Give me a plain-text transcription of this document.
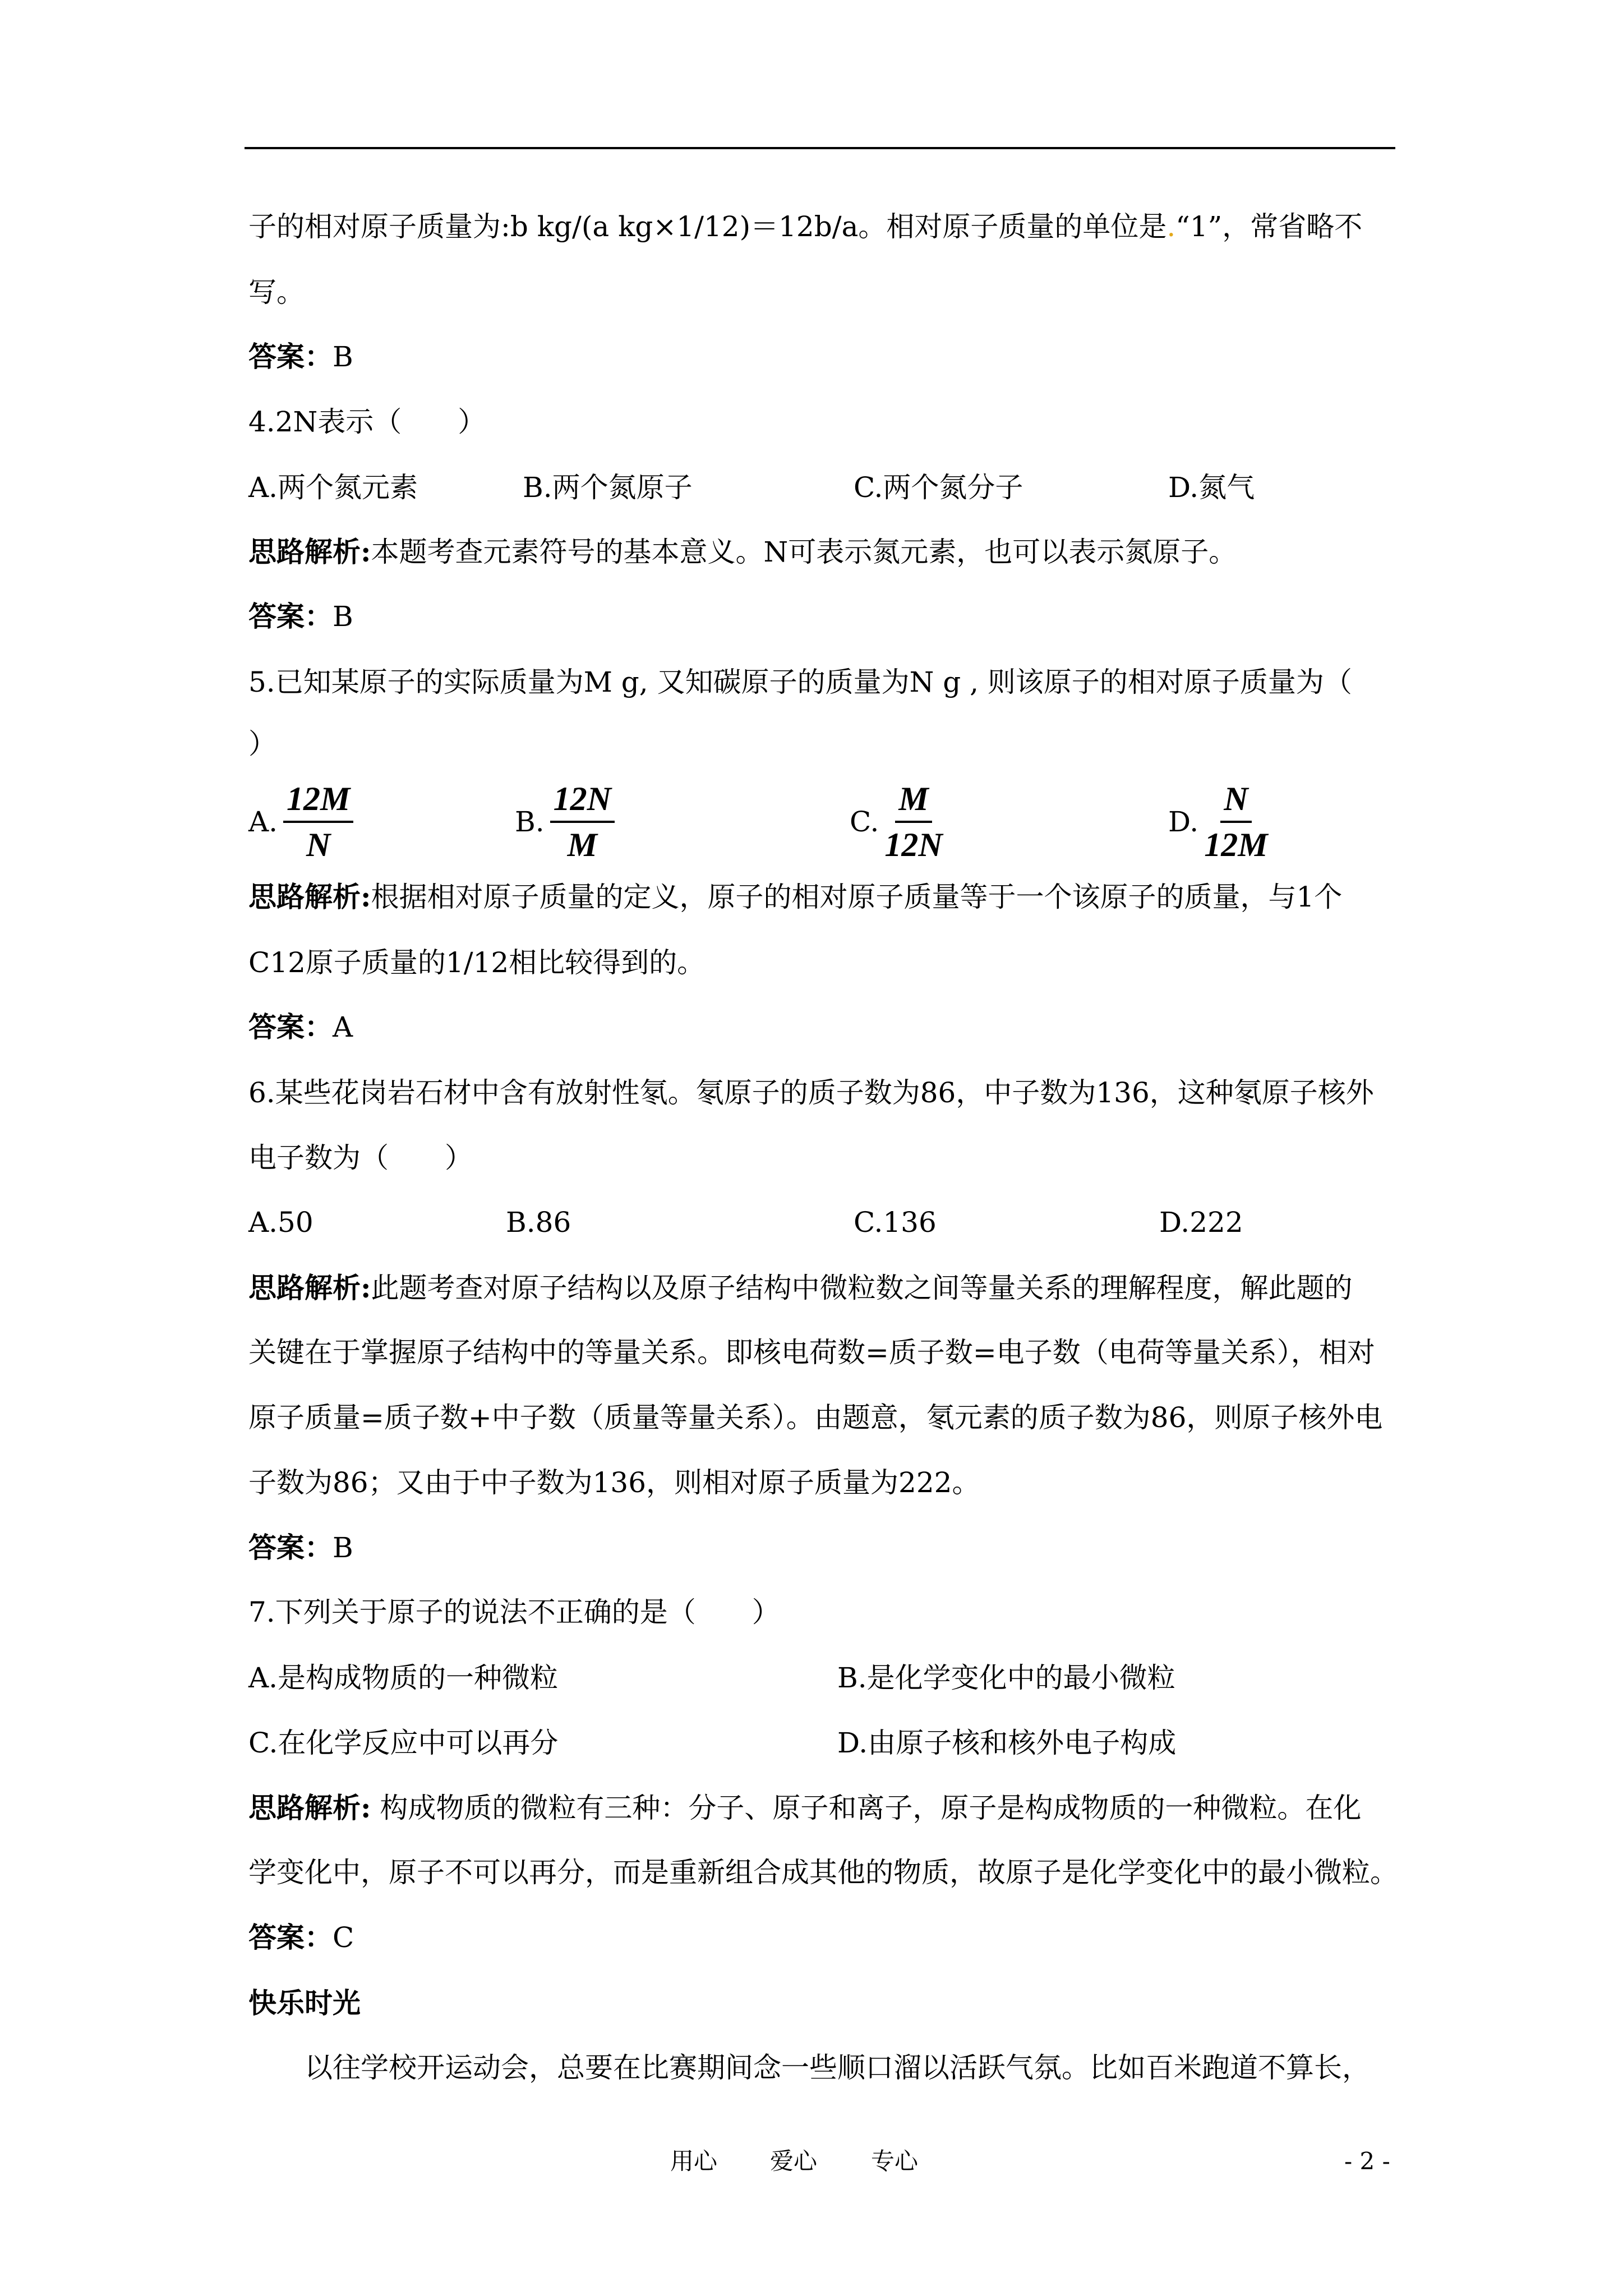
子的相对原子质量为:b kg/(a kg×1/12)＝12b/a。相对原子质量的单位是.“1”，常省略不
写。
答案：B
4.2N表示（　　）
A.两个氮元素	B.两个氮原子	C.两个氮分子	D.氮气
思路解析:本题考查元素符号的基本意义。N可表示氮元素，也可以表示氮原子。
答案：B
5.已知某原子的实际质量为M g, 又知碳原子的质量为N g , 则该原子的相对原子质量为（
）
A. $\frac{12M}{N}$	B. $\frac{12N}{M}$	C. $\frac{M}{12N}$	D. $\frac{N}{12M}$
思路解析:根据相对原子质量的定义，原子的相对原子质量等于一个该原子的质量，与1个
C12原子质量的1/12相比较得到的。
答案：A
6.某些花岗岩石材中含有放射性氡。氡原子的质子数为86，中子数为136，这种氡原子核外
电子数为（　　）
A.50	B.86	C.136	D.222
思路解析:此题考查对原子结构以及原子结构中微粒数之间等量关系的理解程度，解此题的
关键在于掌握原子结构中的等量关系。即核电荷数=质子数=电子数（电荷等量关系），相对
原子质量=质子数+中子数（质量等量关系）。由题意，氡元素的质子数为86，则原子核外电
子数为86；又由于中子数为136，则相对原子质量为222。
答案：B
7.下列关于原子的说法不正确的是（　　）
A.是构成物质的一种微粒	B.是化学变化中的最小微粒
C.在化学反应中可以再分	D.由原子核和核外电子构成
思路解析: 构成物质的微粒有三种：分子、原子和离子，原子是构成物质的一种微粒。在化
学变化中，原子不可以再分，而是重新组合成其他的物质，故原子是化学变化中的最小微粒。
答案：C
快乐时光
以往学校开运动会，总要在比赛期间念一些顺口溜以活跃气氛。比如百米跑道不算长，
用心 爱心 专心	- 2 -
